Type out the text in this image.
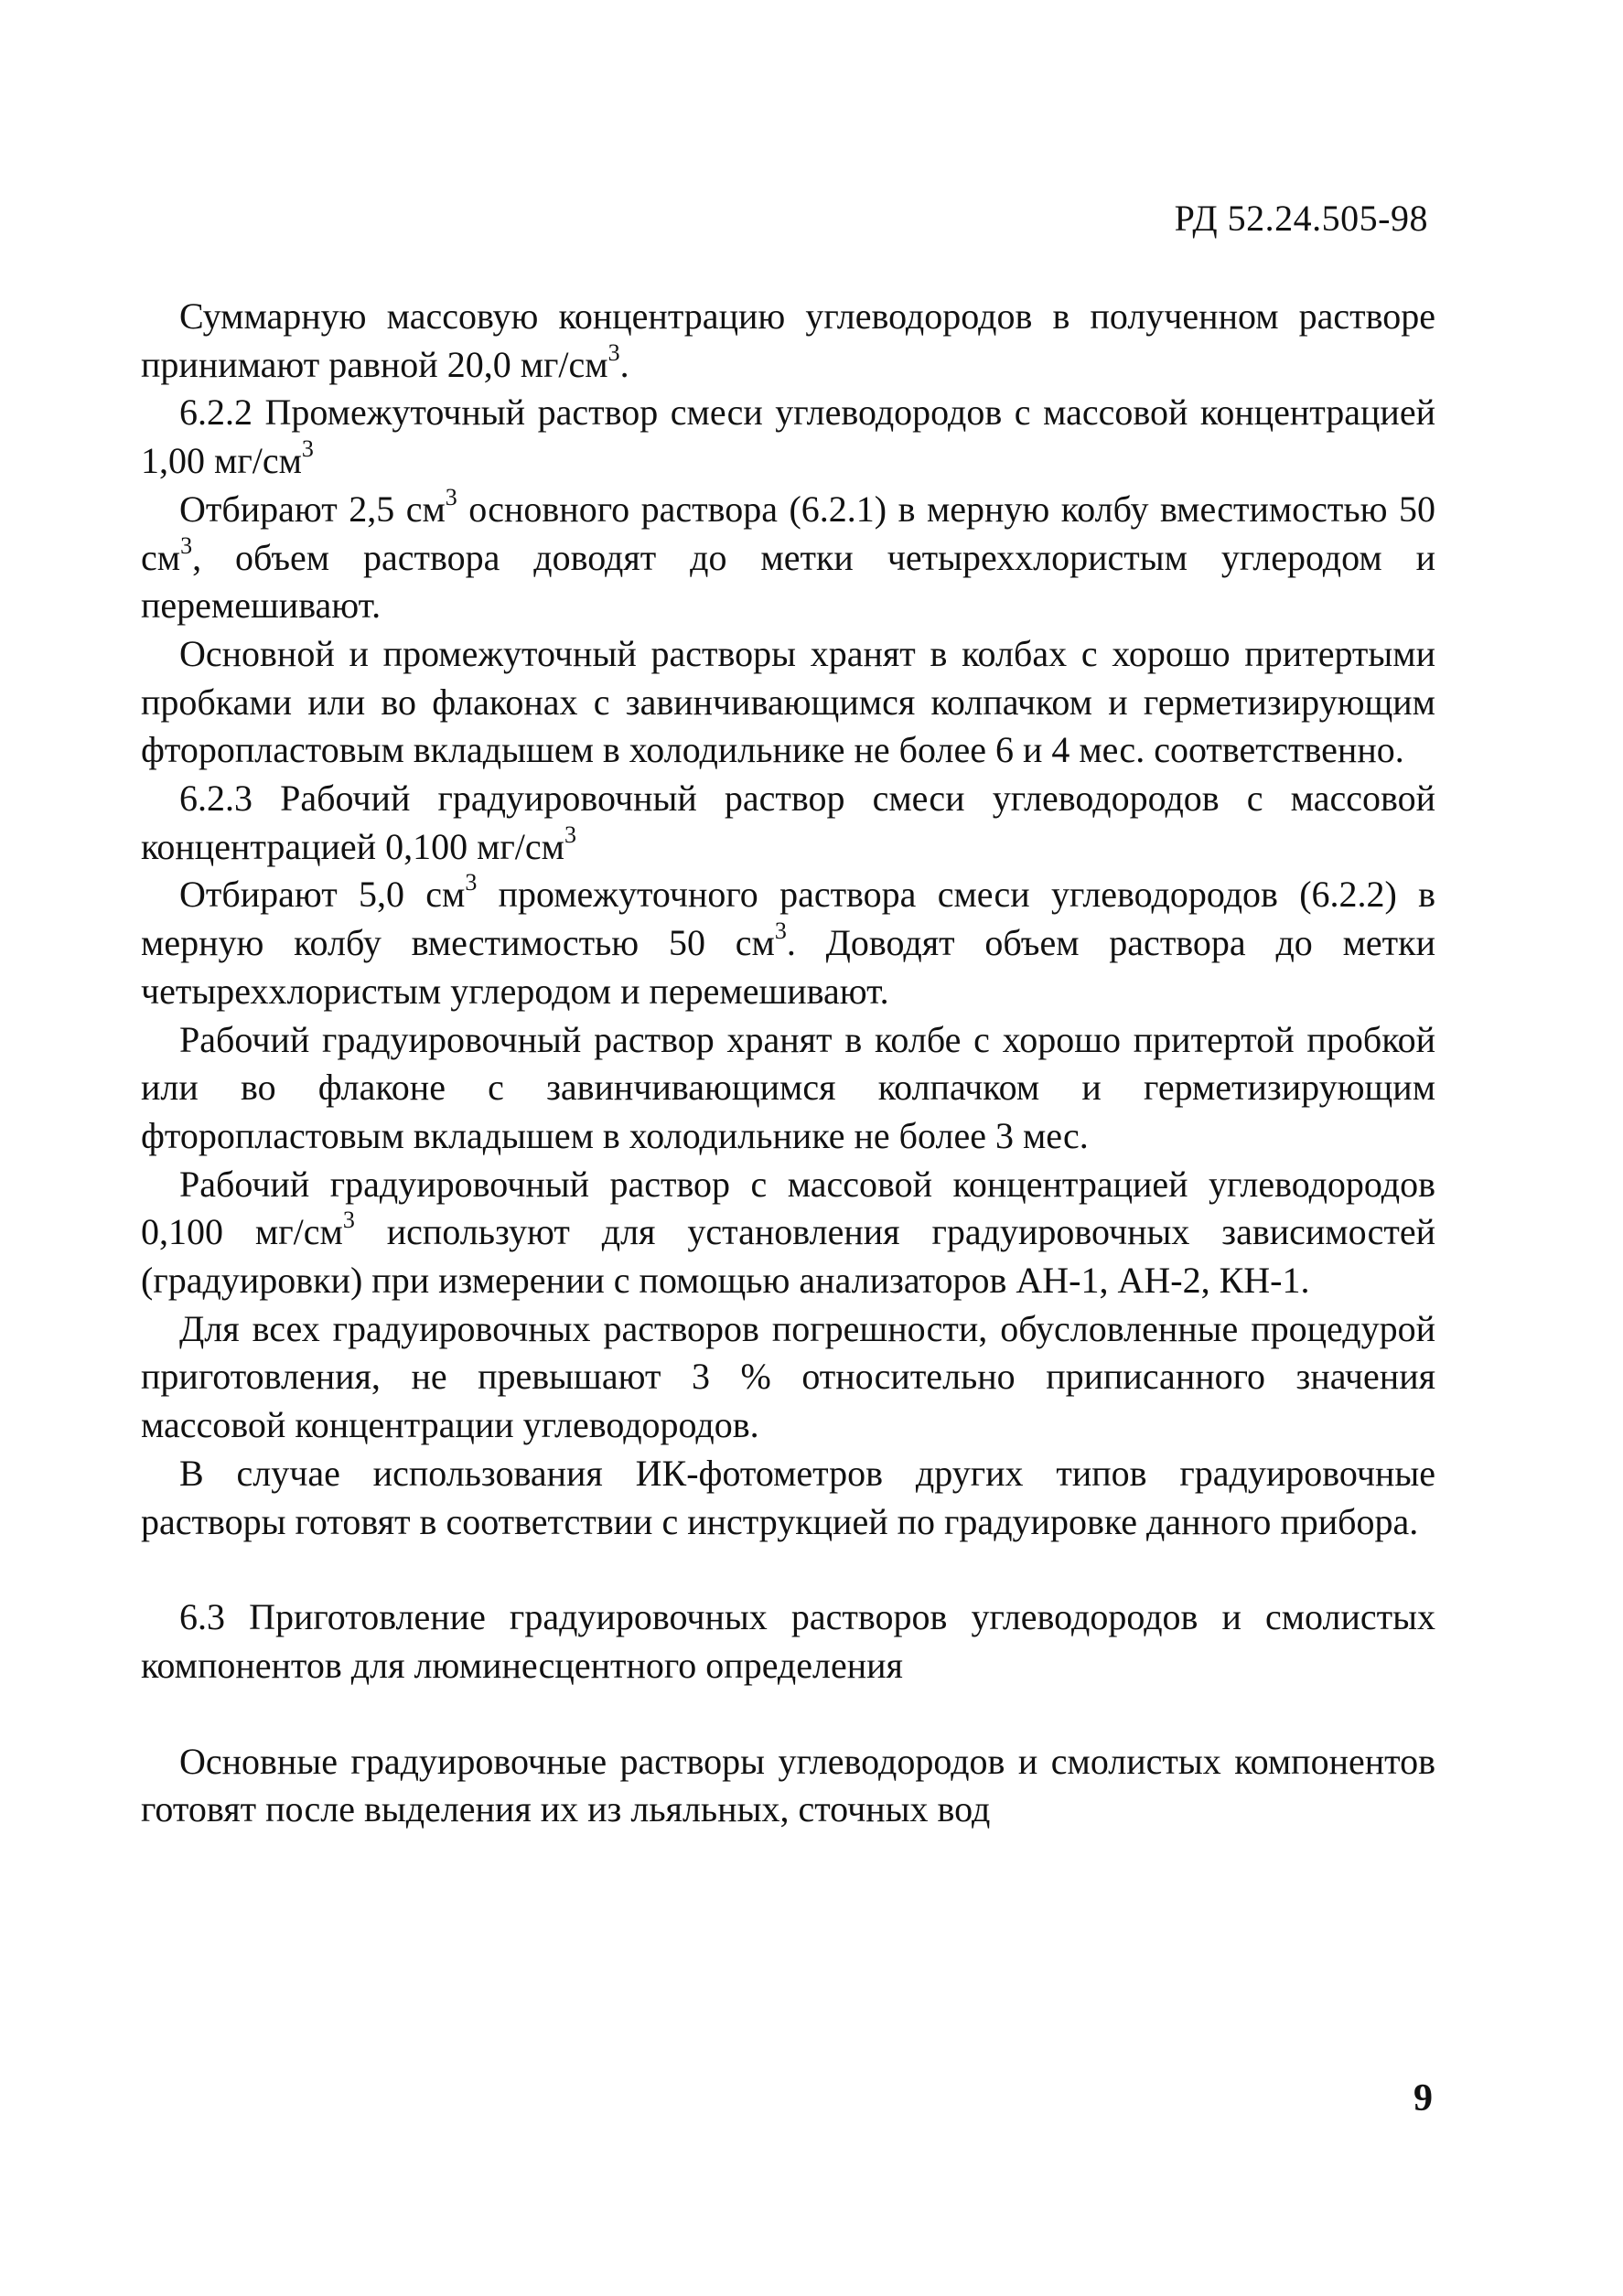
РД 52.24.505-98

Суммарную массовую концентрацию углеводородов в полученном растворе принимают равной 20,0 $мг/см^3$.

6.2.2 Промежуточный раствор смеси углеводородов с массовой концентрацией 1,00 $мг/см^3$

Отбирают 2,5 $см^3$ основного раствора (6.2.1) в мерную колбу вместимостью 50 $см^3$, объем раствора доводят до метки четыреххлористым углеродом и перемешивают.

Основной и промежуточный растворы хранят в колбах с хорошо притертыми пробками или во флаконах с завинчивающимся колпачком и герметизирующим фторопластовым вкладышем в холодильнике не более 6 и 4 мес. соответственно.

6.2.3 Рабочий градуировочный раствор смеси углеводородов с массовой концентрацией 0,100 $мг/см^3$

Отбирают 5,0 $см^3$ промежуточного раствора смеси углеводородов (6.2.2) в мерную колбу вместимостью 50 $см^3$. Доводят объем раствора до метки четыреххлористым углеродом и перемешивают.

Рабочий градуировочный раствор хранят в колбе с хорошо притертой пробкой или во флаконе с завинчивающимся колпачком и герметизирующим фторопластовым вкладышем в холодильнике не более 3 мес.

Рабочий градуировочный раствор с массовой концентрацией углеводородов 0,100 $мг/см^3$ используют для установления градуировочных зависимостей (градуировки) при измерении с помощью анализаторов АН-1, АН-2, КН-1.

Для всех градуировочных растворов погрешности, обусловленные процедурой приготовления, не превышают 3 % относительно приписанного значения массовой концентрации углеводородов.

В случае использования ИК-фотометров других типов градуировочные растворы готовят в соответствии с инструкцией по градуировке данного прибора.

6.3 Приготовление градуировочных растворов углеводородов и смолистых компонентов для люминесцентного определения

Основные градуировочные растворы углеводородов и смолистых компонентов готовят после выделения их из льяльных, сточных вод

9
